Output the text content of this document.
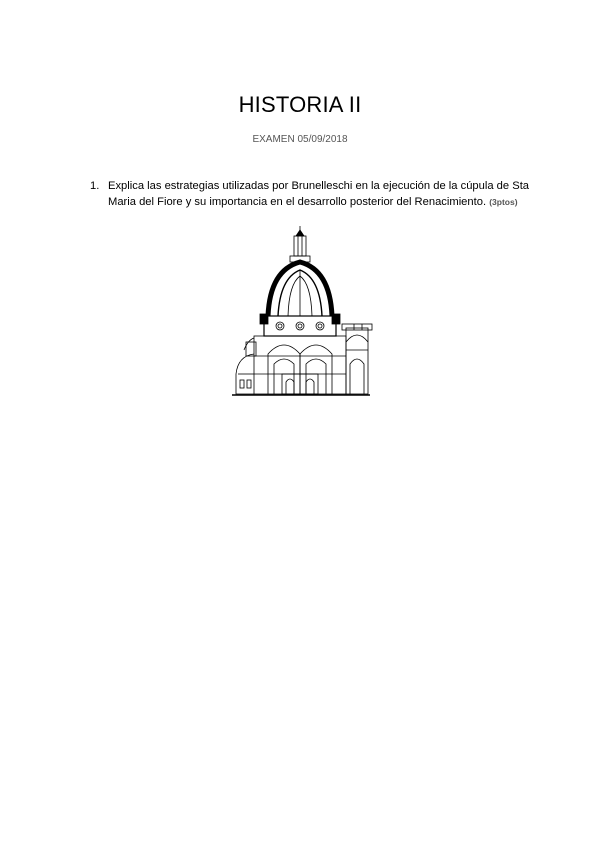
HISTORIA II
EXAMEN 05/09/2018
1. Explica las estrategias utilizadas por Brunelleschi en la ejecución de la cúpula de Sta Maria del Fiore y su importancia en el desarrollo posterior del Renacimiento. (3ptos)
